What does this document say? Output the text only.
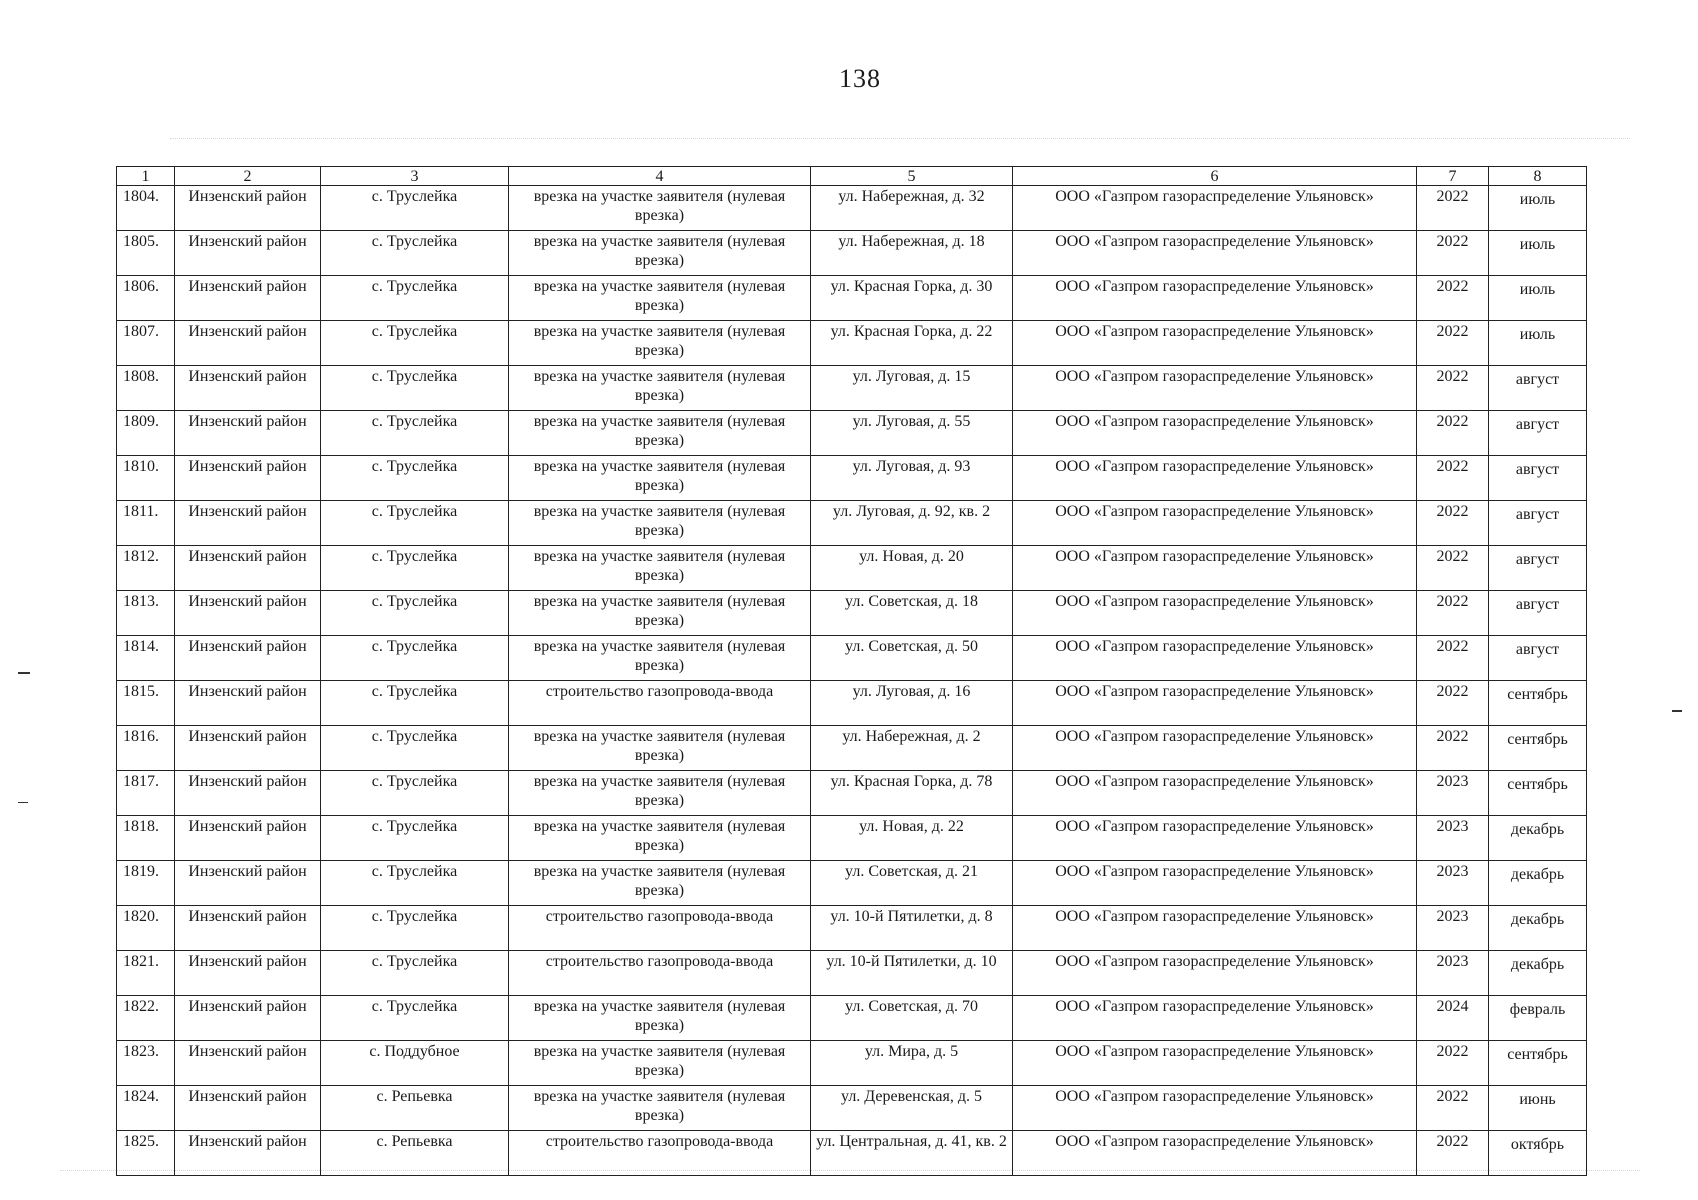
138
1	2	3	4	5	6	7	8
1804.	Инзенский район	с. Труслейка	врезка на участке заявителя (нулевая врезка)	ул. Набережная, д. 32	ООО «Газпром газораспределение Ульяновск»	2022	июль
1805.	Инзенский район	с. Труслейка	врезка на участке заявителя (нулевая врезка)	ул. Набережная, д. 18	ООО «Газпром газораспределение Ульяновск»	2022	июль
1806.	Инзенский район	с. Труслейка	врезка на участке заявителя (нулевая врезка)	ул. Красная Горка, д. 30	ООО «Газпром газораспределение Ульяновск»	2022	июль
1807.	Инзенский район	с. Труслейка	врезка на участке заявителя (нулевая врезка)	ул. Красная Горка, д. 22	ООО «Газпром газораспределение Ульяновск»	2022	июль
1808.	Инзенский район	с. Труслейка	врезка на участке заявителя (нулевая врезка)	ул. Луговая, д. 15	ООО «Газпром газораспределение Ульяновск»	2022	август
1809.	Инзенский район	с. Труслейка	врезка на участке заявителя (нулевая врезка)	ул. Луговая, д. 55	ООО «Газпром газораспределение Ульяновск»	2022	август
1810.	Инзенский район	с. Труслейка	врезка на участке заявителя (нулевая врезка)	ул. Луговая, д. 93	ООО «Газпром газораспределение Ульяновск»	2022	август
1811.	Инзенский район	с. Труслейка	врезка на участке заявителя (нулевая врезка)	ул. Луговая, д. 92, кв. 2	ООО «Газпром газораспределение Ульяновск»	2022	август
1812.	Инзенский район	с. Труслейка	врезка на участке заявителя (нулевая врезка)	ул. Новая, д. 20	ООО «Газпром газораспределение Ульяновск»	2022	август
1813.	Инзенский район	с. Труслейка	врезка на участке заявителя (нулевая врезка)	ул. Советская, д. 18	ООО «Газпром газораспределение Ульяновск»	2022	август
1814.	Инзенский район	с. Труслейка	врезка на участке заявителя (нулевая врезка)	ул. Советская, д. 50	ООО «Газпром газораспределение Ульяновск»	2022	август
1815.	Инзенский район	с. Труслейка	строительство газопровода-ввода	ул. Луговая, д. 16	ООО «Газпром газораспределение Ульяновск»	2022	сентябрь
1816.	Инзенский район	с. Труслейка	врезка на участке заявителя (нулевая врезка)	ул. Набережная, д. 2	ООО «Газпром газораспределение Ульяновск»	2022	сентябрь
1817.	Инзенский район	с. Труслейка	врезка на участке заявителя (нулевая врезка)	ул. Красная Горка, д. 78	ООО «Газпром газораспределение Ульяновск»	2023	сентябрь
1818.	Инзенский район	с. Труслейка	врезка на участке заявителя (нулевая врезка)	ул. Новая, д. 22	ООО «Газпром газораспределение Ульяновск»	2023	декабрь
1819.	Инзенский район	с. Труслейка	врезка на участке заявителя (нулевая врезка)	ул. Советская, д. 21	ООО «Газпром газораспределение Ульяновск»	2023	декабрь
1820.	Инзенский район	с. Труслейка	строительство газопровода-ввода	ул. 10-й Пятилетки, д. 8	ООО «Газпром газораспределение Ульяновск»	2023	декабрь
1821.	Инзенский район	с. Труслейка	строительство газопровода-ввода	ул. 10-й Пятилетки, д. 10	ООО «Газпром газораспределение Ульяновск»	2023	декабрь
1822.	Инзенский район	с. Труслейка	врезка на участке заявителя (нулевая врезка)	ул. Советская, д. 70	ООО «Газпром газораспределение Ульяновск»	2024	февраль
1823.	Инзенский район	с. Поддубное	врезка на участке заявителя (нулевая врезка)	ул. Мира, д. 5	ООО «Газпром газораспределение Ульяновск»	2022	сентябрь
1824.	Инзенский район	с. Репьевка	врезка на участке заявителя (нулевая врезка)	ул. Деревенская, д. 5	ООО «Газпром газораспределение Ульяновск»	2022	июнь
1825.	Инзенский район	с. Репьевка	строительство газопровода-ввода	ул. Центральная, д. 41, кв. 2	ООО «Газпром газораспределение Ульяновск»	2022	октябрь
